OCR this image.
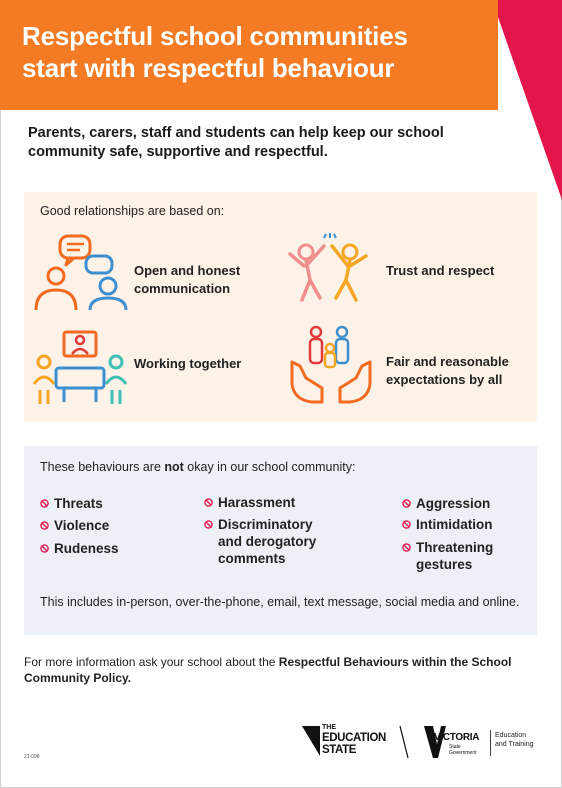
Respectful school communities
start with respectful behaviour

Parents, carers, staff and students can help keep our school community safe, supportive and respectful.

Good relationships are based on:
Open and honest
communication
Trust and respect
Working together	Fair and reasonable
expectations by all
These behaviours are not okay in our school community:
Threats
Violence
Rudeness
Harassment
Discriminatory
and derogatory
comments
Aggression
Intimidation
Threatening
gestures

This includes in-person, over-the-phone, email, text message, social media and online.

For more information ask your school about the Respectful Behaviours within the School Community Policy.

21-098
THE
EDUCATION
STATE
VICTORIA
State
Government
Education
and Training
